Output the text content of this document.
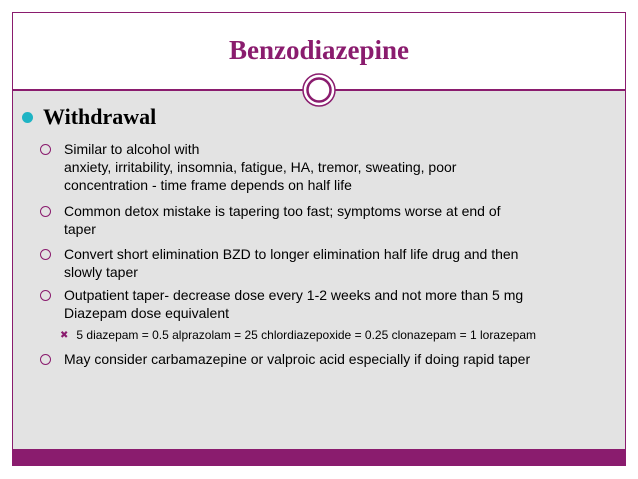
Benzodiazepine
Withdrawal
Similar to alcohol with
anxiety, irritability, insomnia, fatigue, HA, tremor, sweating, poor
concentration - time frame depends on half life
Common detox mistake is tapering too fast; symptoms worse at end of
taper
Convert short elimination BZD to longer elimination half life drug and then
slowly taper
Outpatient taper- decrease dose every 1-2 weeks and not more than 5 mg
Diazepam dose equivalent
✖ 5 diazepam = 0.5 alprazolam = 25 chlordiazepoxide = 0.25 clonazepam = 1 lorazepam
May consider carbamazepine or valproic acid especially if doing rapid taper
